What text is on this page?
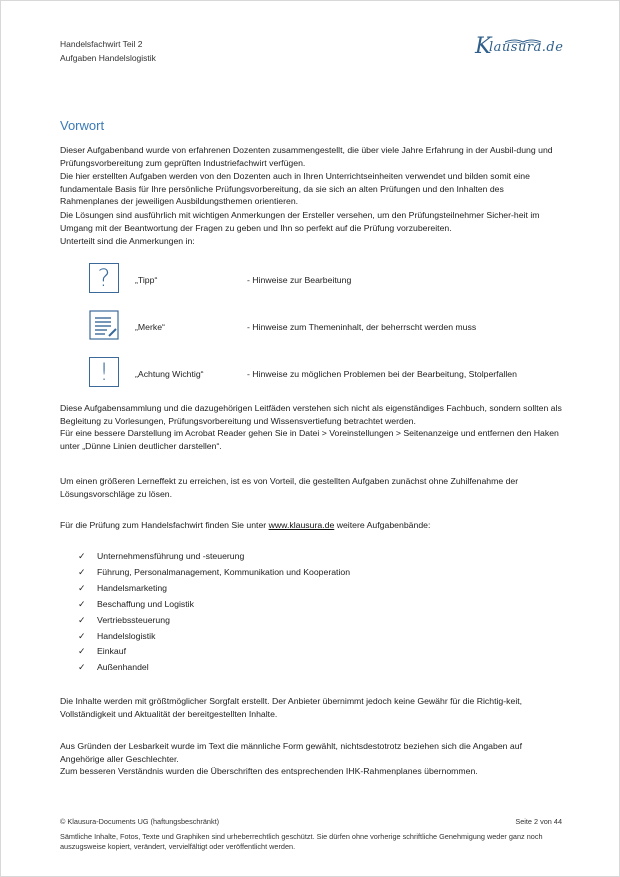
Handelsfachwirt Teil 2
Aufgaben Handelslogistik	K
lausura.de
Vorwort

Dieser Aufgabenband wurde von erfahrenen Dozenten zusammengestellt, die über viele Jahre Erfahrung in der Ausbil-dung und Prüfungsvorbereitung zum geprüften Industriefachwirt verfügen.

Die hier erstellten Aufgaben werden von den Dozenten auch in Ihren Unterrichtseinheiten verwendet und bilden somit eine fundamentale Basis für Ihre persönliche Prüfungsvorbereitung, da sie sich an alten Prüfungen und den Inhalten des Rahmenplanes der jeweiligen Ausbildungsthemen orientieren.

Die Lösungen sind ausführlich mit wichtigen Anmerkungen der Ersteller versehen, um den Prüfungsteilnehmer Sicher-heit im Umgang mit der Beantwortung der Fragen zu geben und Ihn so perfekt auf die Prüfung vorzubereiten.

Unterteilt sind die Anmerkungen in:

?	„Tipp“	- Hinweise zur Bearbeitung
„Merke“	- Hinweise zum Themeninhalt, der beherrscht werden muss
!	„Achtung Wichtig“	- Hinweise zu möglichen Problemen bei der Bearbeitung, Stolperfallen

Diese Aufgabensammlung und die dazugehörigen Leitfäden verstehen sich nicht als eigenständiges Fachbuch, sondern sollten als Begleitung zu Vorlesungen, Prüfungsvorbereitung und Wissensvertiefung betrachtet werden.

Für eine bessere Darstellung im Acrobat Reader gehen Sie in Datei > Voreinstellungen > Seitenanzeige und entfernen den Haken unter „Dünne Linien deutlicher darstellen“.

Um einen größeren Lerneffekt zu erreichen, ist es von Vorteil, die gestellten Aufgaben zunächst ohne Zuhilfenahme der Lösungsvorschläge zu lösen.
Für die Prüfung zum Handelsfachwirt finden Sie unter www.klausura.de weitere Aufgabenbände:
✓ Unternehmensführung und -steuerung
✓ Führung, Personalmanagement, Kommunikation und Kooperation
✓ Handelsmarketing
✓ Beschaffung und Logistik
✓ Vertriebssteuerung
✓ Handelslogistik
✓ Einkauf
✓ Außenhandel
Die Inhalte werden mit größtmöglicher Sorgfalt erstellt. Der Anbieter übernimmt jedoch keine Gewähr für die Richtig-keit, Vollständigkeit und Aktualität der bereitgestellten Inhalte.

Aus Gründen der Lesbarkeit wurde im Text die männliche Form gewählt, nichtsdestotrotz beziehen sich die Angaben auf Angehörige aller Geschlechter.

Zum besseren Verständnis wurden die Überschriften des entsprechenden IHK-Rahmenplanes übernommen.

© Klausura-Documents UG (haftungsbeschränkt)	Seite 2 von 44
Sämtliche Inhalte, Fotos, Texte und Graphiken sind urheberrechtlich geschützt. Sie dürfen ohne vorherige schriftliche Genehmigung weder ganz noch auszugsweise kopiert, verändert, vervielfältigt oder veröffentlicht werden.
